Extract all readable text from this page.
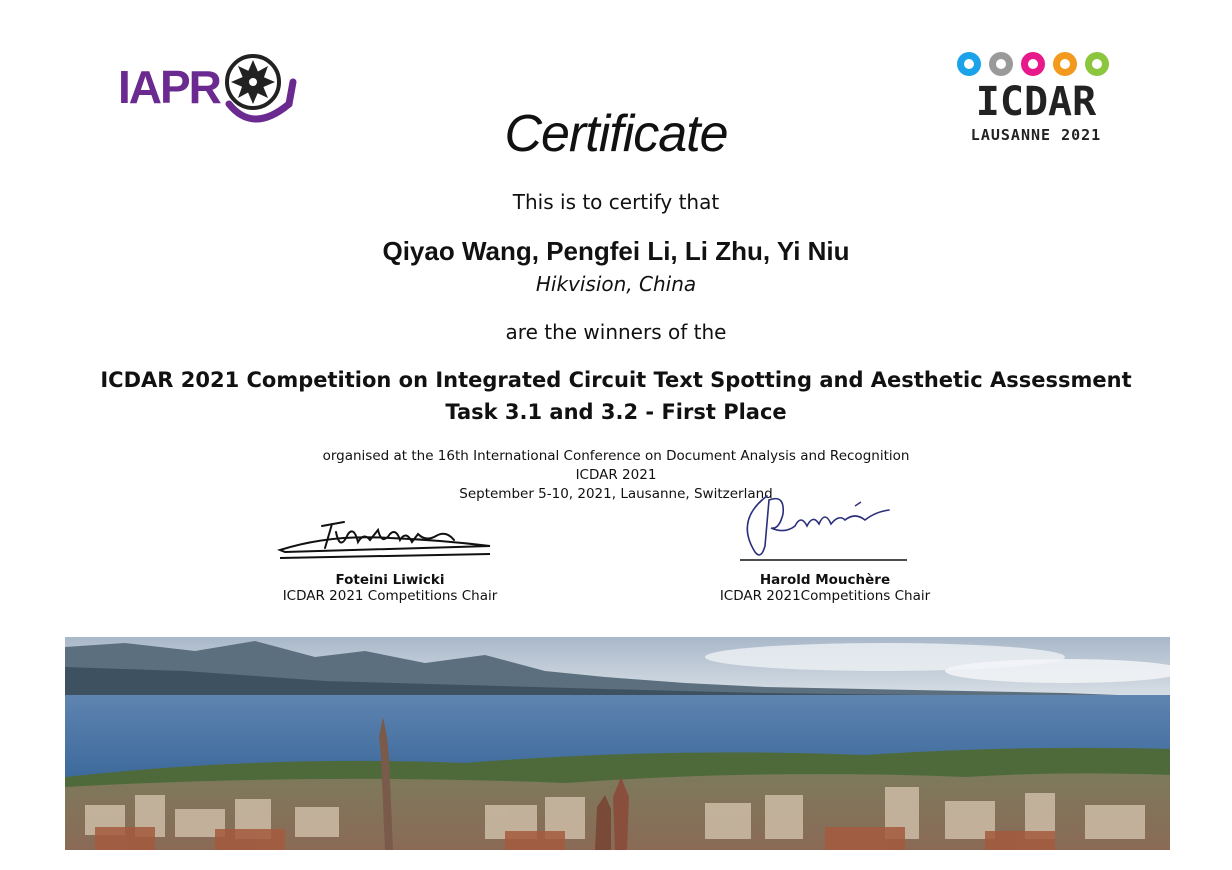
IAPR	ICDAR
LAUSANNE 2021
Certificate
This is to certify that
Qiyao Wang, Pengfei Li, Li Zhu, Yi Niu
Hikvision, China
are the winners of the
ICDAR 2021 Competition on Integrated Circuit Text Spotting and Aesthetic Assessment
Task 3.1 and 3.2 - First Place
organised at the 16th International Conference on Document Analysis and Recognition
ICDAR 2021
September 5-10, 2021, Lausanne, Switzerland
Foteini Liwicki
ICDAR 2021 Competitions Chair
Harold Mouchère
ICDAR 2021Competitions Chair
